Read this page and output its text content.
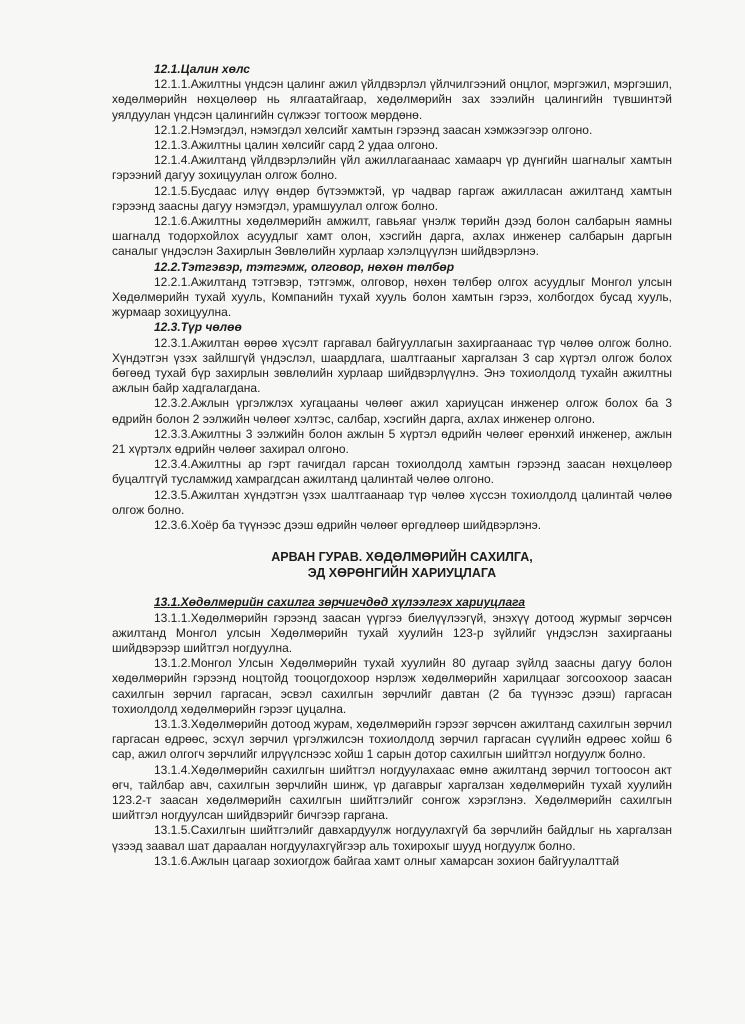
12.1.Цалин хөлс

12.1.1.Ажилтны үндсэн цалинг ажил үйлдвэрлэл үйлчилгээний онцлог, мэргэжил, мэргэшил, хөдөлмөрийн нөхцөлөөр нь ялгаатайгаар, хөдөлмөрийн зах зээлийн цалингийн түвшинтэй уялдуулан үндсэн цалингийн сүлжээг тогтоож мөрдөнө.

12.1.2.Нэмэгдэл, нэмэгдэл хөлсийг хамтын гэрээнд заасан хэмжээгээр олгоно.

12.1.3.Ажилтны цалин хөлсийг сард 2 удаа олгоно.

12.1.4.Ажилтанд үйлдвэрлэлийн үйл ажиллагаанаас хамаарч үр дүнгийн шагналыг хамтын гэрээний дагуу зохицуулан олгож болно.

12.1.5.Бусдаас илүү өндөр бүтээмжтэй, үр чадвар гаргаж ажилласан ажилтанд хамтын гэрээнд заасны дагуу нэмэгдэл, урамшуулал олгож болно.

12.1.6.Ажилтны хөдөлмөрийн амжилт, гавьяаг үнэлж төрийн дээд болон салбарын яамны шагналд тодорхойлох асуудлыг хамт олон, хэсгийн дарга, ахлах инженер салбарын даргын саналыг үндэслэн Захирлын Зөвлөлийн хурлаар хэлэлцүүлэн шийдвэрлэнэ.

12.2.Тэтгэвэр, тэтгэмж, олговор, нөхөн төлбөр

12.2.1.Ажилтанд тэтгэвэр, тэтгэмж, олговор, нөхөн төлбөр олгох асуудлыг Монгол улсын Хөдөлмөрийн тухай хууль, Компанийн тухай хууль болон хамтын гэрээ, холбогдох бусад хууль, журмаар зохицуулна.

12.3.Түр чөлөө

12.3.1.Ажилтан өөрөө хүсэлт гаргавал байгууллагын захиргаанаас түр чөлөө олгож болно. Хүндэтгэн үзэх зайлшгүй үндэслэл, шаардлага, шалтгааныг харгалзан 3 сар хүртэл олгож болох бөгөөд тухай бүр захирлын зөвлөлийн хурлаар шийдвэрлүүлнэ. Энэ тохиолдолд тухайн ажилтны ажлын байр хадгалагдана.

12.3.2.Ажлын үргэлжлэх хугацааны чөлөөг ажил хариуцсан инженер олгож болох ба 3 өдрийн болон 2 ээлжийн чөлөөг хэлтэс, салбар, хэсгийн дарга, ахлах инженер олгоно.

12.3.3.Ажилтны 3 ээлжийн болон ажлын 5 хүртэл өдрийн чөлөөг ерөнхий инженер, ажлын 21 хүртэлх өдрийн чөлөөг захирал олгоно.

12.3.4.Ажилтны ар гэрт гачигдал гарсан тохиолдолд хамтын гэрээнд заасан нөхцөлөөр буцалтгүй тусламжид хамрагдсан ажилтанд цалинтай чөлөө олгоно.

12.3.5.Ажилтан хүндэтгэн үзэх шалтгаанаар түр чөлөө хүссэн тохиолдолд цалинтай чөлөө олгож болно.

12.3.6.Хоёр ба түүнээс дээш өдрийн чөлөөг өргөдлөөр шийдвэрлэнэ.

АРВАН ГУРАВ. ХӨДӨЛМӨРИЙН САХИЛГА,
ЭД ХӨРӨНГИЙН ХАРИУЦЛАГА

13.1.Хөдөлмөрийн сахилга зөрчигчдөд хүлээлгэх хариуцлага

13.1.1.Хөдөлмөрийн гэрээнд заасан үүргээ биелүүлээгүй, энэхүү дотоод журмыг зөрчсөн ажилтанд Монгол улсын Хөдөлмөрийн тухай хуулийн 123-р зүйлийг үндэслэн захиргааны шийдвэрээр шийтгэл ногдуулна.

13.1.2.Монгол Улсын Хөдөлмөрийн тухай хуулийн 80 дугаар зүйлд заасны дагуу болон хөдөлмөрийн гэрээнд ноцтойд тооцогдохоор нэрлэж хөдөлмөрийн харилцааг зогсоохоор заасан сахилгын зөрчил гаргасан, эсвэл сахилгын зөрчлийг давтан (2 ба түүнээс дээш) гаргасан тохиолдолд хөдөлмөрийн гэрээг цуцална.

13.1.3.Хөдөлмөрийн дотоод журам, хөдөлмөрийн гэрээг зөрчсөн ажилтанд сахилгын зөрчил гаргасан өдрөөс, эсхүл зөрчил үргэлжилсэн тохиолдолд зөрчил гаргасан сүүлийн өдрөөс хойш 6 сар, ажил олгогч зөрчлийг илрүүлснээс хойш 1 сарын дотор сахилгын шийтгэл ногдуулж болно.

13.1.4.Хөдөлмөрийн сахилгын шийтгэл ногдуулахаас өмнө ажилтанд зөрчил тогтоосон акт өгч, тайлбар авч, сахилгын зөрчлийн шинж, үр дагаврыг харгалзан хөдөлмөрийн тухай хуулийн 123.2-т заасан хөдөлмөрийн сахилгын шийтгэлийг сонгож хэрэглэнэ. Хөдөлмөрийн сахилгын шийтгэл ногдуулсан шийдвэрийг бичгээр гаргана.

13.1.5.Сахилгын шийтгэлийг давхардуулж ногдуулахгүй ба зөрчлийн байдлыг нь харгалзан үзээд заавал шат дараалан ногдуулахгүйгээр аль тохирохыг шууд ногдуулж болно.

13.1.6.Ажлын цагаар зохиогдож байгаа хамт олныг хамарсан зохион байгуулалттай
